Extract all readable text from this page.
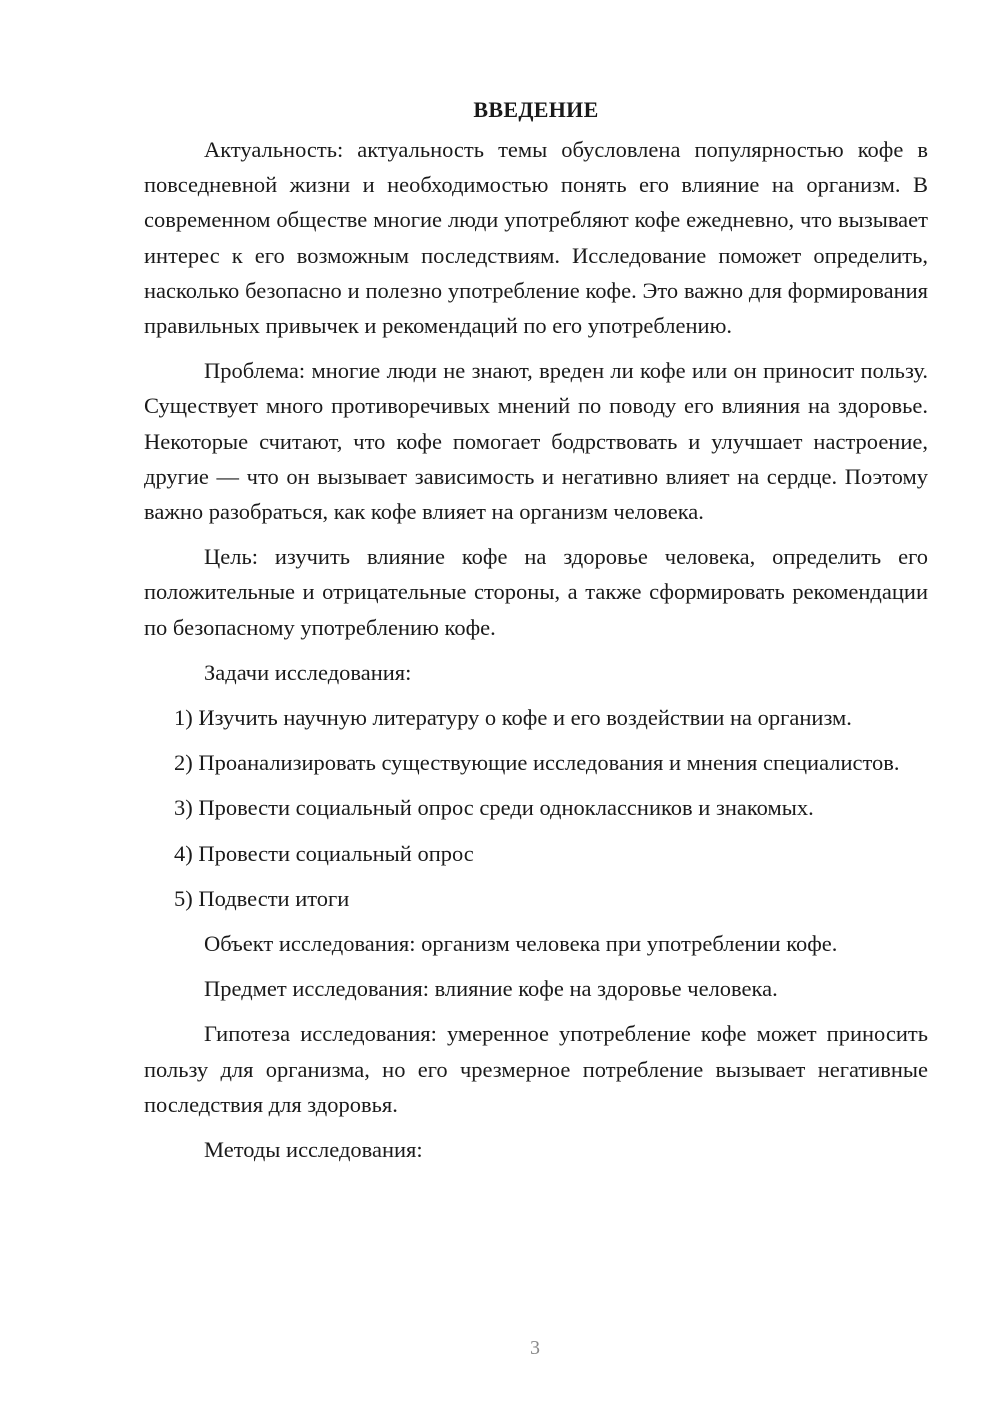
ВВЕДЕНИЕ

Актуальность: актуальность темы обусловлена популярностью кофе в повседневной жизни и необходимостью понять его влияние на организм. В современном обществе многие люди употребляют кофе ежедневно, что вызывает интерес к его возможным последствиям. Исследование поможет определить, насколько безопасно и полезно употребление кофе. Это важно для формирования правильных привычек и рекомендаций по его употреблению.

Проблема: многие люди не знают, вреден ли кофе или он приносит пользу. Существует много противоречивых мнений по поводу его влияния на здоровье. Некоторые считают, что кофе помогает бодрствовать и улучшает настроение, другие — что он вызывает зависимость и негативно влияет на сердце. Поэтому важно разобраться, как кофе влияет на организм человека.

Цель: изучить влияние кофе на здоровье человека, определить его положительные и отрицательные стороны, а также сформировать рекомендации по безопасному употреблению кофе.

Задачи исследования:

1) Изучить научную литературу о кофе и его воздействии на организм.

2) Проанализировать существующие исследования и мнения специалистов.

3) Провести социальный опрос среди одноклассников и знакомых.

4) Провести социальный опрос

5) Подвести итоги

Объект исследования: организм человека при употреблении кофе.

Предмет исследования: влияние кофе на здоровье человека.

Гипотеза исследования: умеренное употребление кофе может приносить пользу для организма, но его чрезмерное потребление вызывает негативные последствия для здоровья.

Методы исследования:

3
